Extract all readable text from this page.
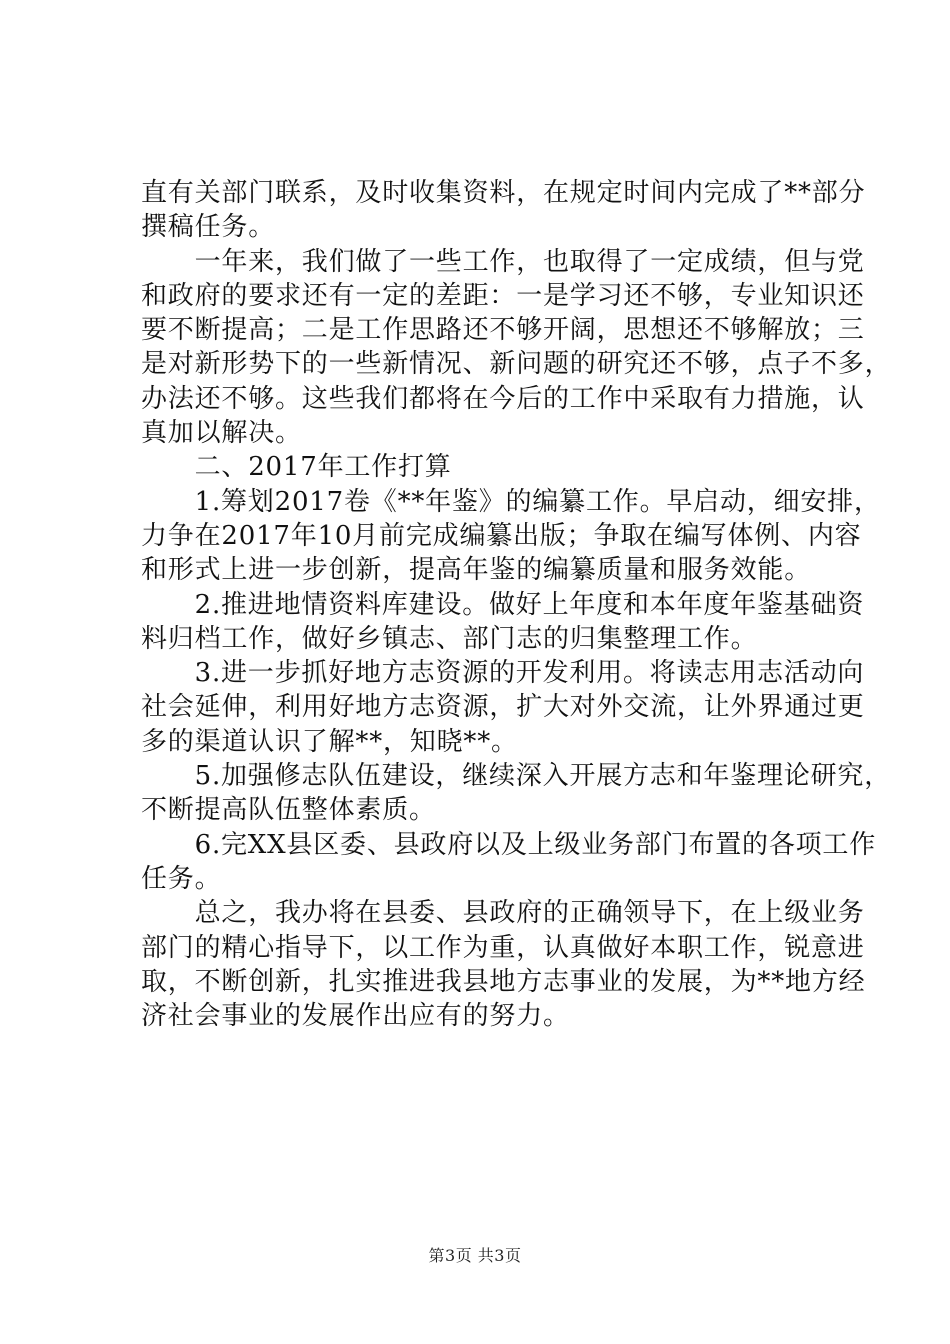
直有关部门联系，及时收集资料，在规定时间内完成了**部分
撰稿任务。
　　一年来，我们做了一些工作，也取得了一定成绩，但与党
和政府的要求还有一定的差距：一是学习还不够，专业知识还
要不断提高；二是工作思路还不够开阔，思想还不够解放；三
是对新形势下的一些新情况、新问题的研究还不够，点子不多，
办法还不够。这些我们都将在今后的工作中采取有力措施，认
真加以解决。
　　二、2017年工作打算
　　1.筹划2017卷《**年鉴》的编纂工作。早启动，细安排，
力争在2017年10月前完成编纂出版；争取在编写体例、内容
和形式上进一步创新，提高年鉴的编纂质量和服务效能。
　　2.推进地情资料库建设。做好上年度和本年度年鉴基础资
料归档工作，做好乡镇志、部门志的归集整理工作。
　　3.进一步抓好地方志资源的开发利用。将读志用志活动向
社会延伸，利用好地方志资源，扩大对外交流，让外界通过更
多的渠道认识了解**，知晓**。
　　5.加强修志队伍建设，继续深入开展方志和年鉴理论研究，
不断提高队伍整体素质。
　　6.完XX县区委、县政府以及上级业务部门布置的各项工作
任务。
　　总之，我办将在县委、县政府的正确领导下，在上级业务
部门的精心指导下，以工作为重，认真做好本职工作，锐意进
取，不断创新，扎实推进我县地方志事业的发展，为**地方经
济社会事业的发展作出应有的努力。
第3页 共3页
